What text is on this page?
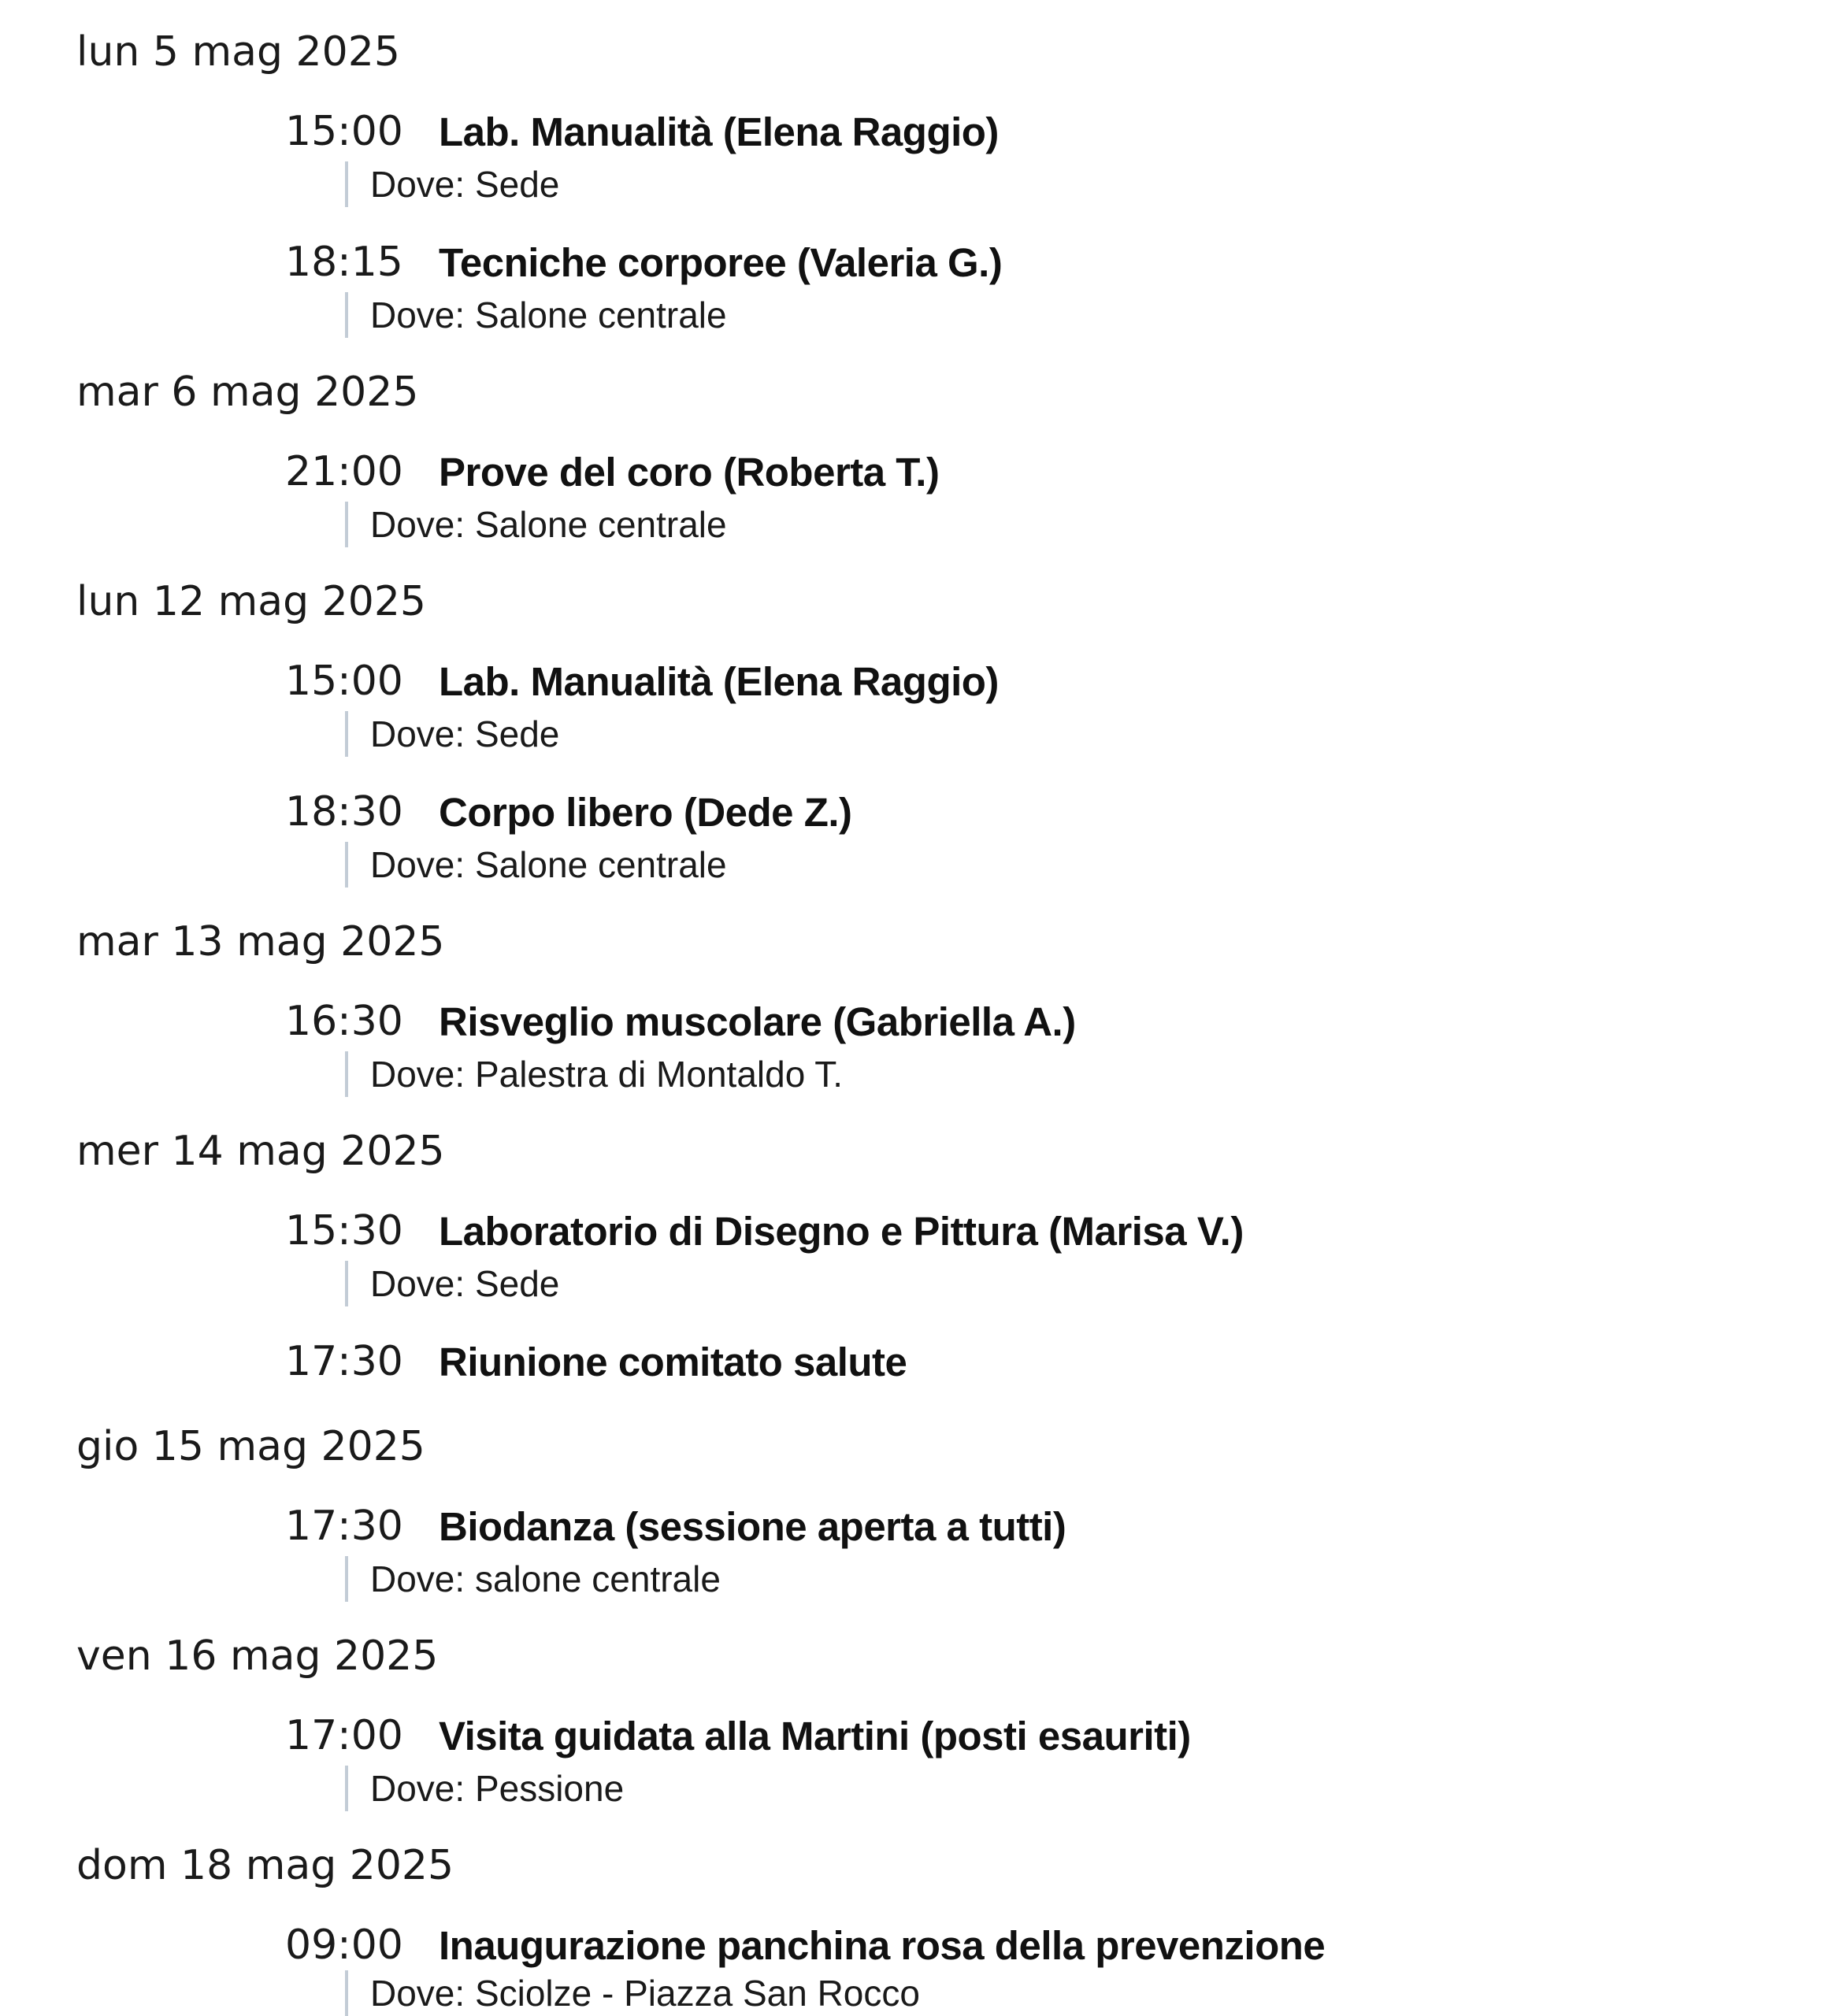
lun 5 mag 2025
15:00 Lab. Manualità (Elena Raggio)
Dove: Sede
18:15 Tecniche corporee (Valeria G.)
Dove: Salone centrale
mar 6 mag 2025
21:00 Prove del coro (Roberta T.)
Dove: Salone centrale
lun 12 mag 2025
15:00 Lab. Manualità (Elena Raggio)
Dove: Sede
18:30 Corpo libero (Dede Z.)
Dove: Salone centrale
mar 13 mag 2025
16:30 Risveglio muscolare (Gabriella A.)
Dove: Palestra di Montaldo T.
mer 14 mag 2025
15:30 Laboratorio di Disegno e Pittura (Marisa V.)
Dove: Sede
17:30 Riunione comitato salute
gio 15 mag 2025
17:30 Biodanza (sessione aperta a tutti)
Dove: salone centrale
ven 16 mag 2025
17:00 Visita guidata alla Martini (posti esauriti)
Dove: Pessione
dom 18 mag 2025
09:00 Inaugurazione panchina rosa della prevenzione
Dove: Sciolze - Piazza San Rocco
